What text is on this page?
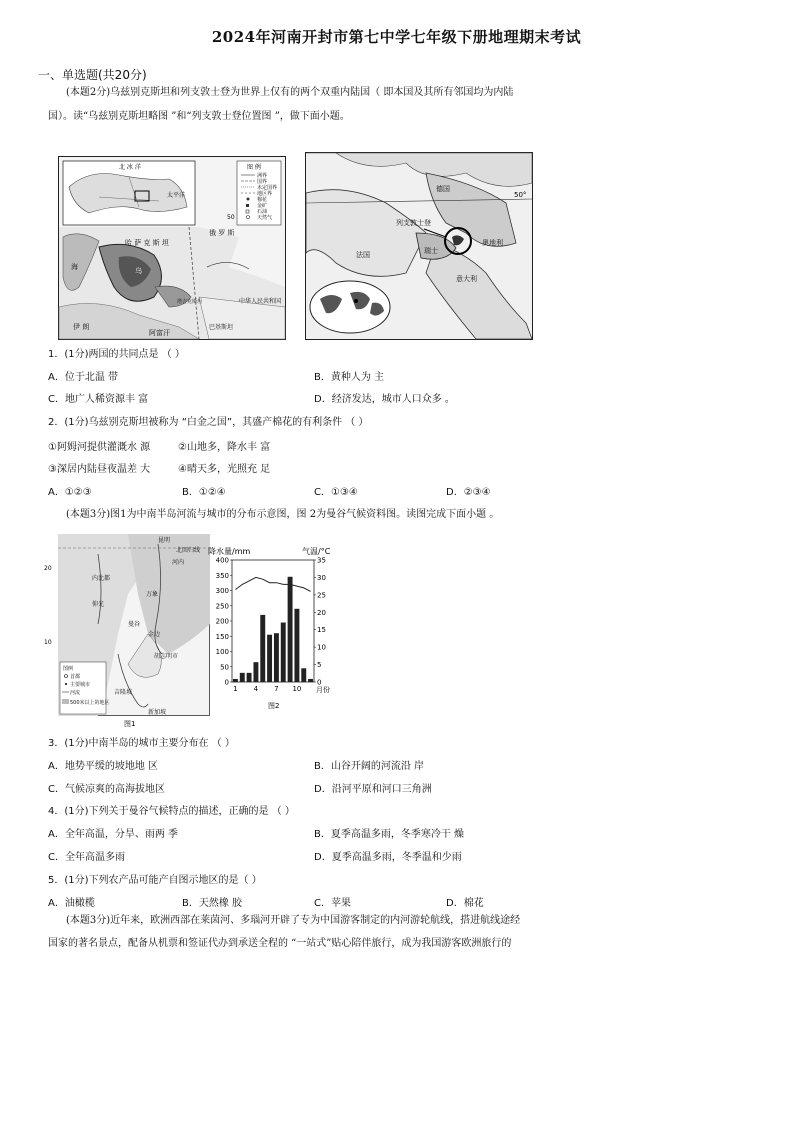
2024年河南开封市第七中学七年级下册地理期末考试
一、单选题(共20分)
(本题2分)乌兹别克斯坦和列支敦士登为世界上仅有的两个双重内陆国（ 即本国及其所有邻国均为内陆
国）。读“乌兹别克斯坦略图 ”和“列支敦士登位置图 ”，做下面小题。
北 冰 洋
太平洋
图 例
洲界
国界
未定国界
地区界
棉花
金矿
石油
天然气
50
俄 罗 斯
哈 萨 克 斯 坦
乌
海
伊 朗
阿富汗
塔吉克斯坦	中华人民共和国
巴基斯坦
50°
德国
列支敦士登
法国	瑞士
奥地利
意大利
1．(1分)两国的共同点是 （ ）
A．位于北温 带	B．黄种人为 主
C．地广人稀资源丰 富	D．经济发达，城市人口众多 。
2．(1分)乌兹别克斯坦被称为 “白金之国”，其盛产棉花的有利条件 （ ）
①阿姆河提供灌溉水 源	②山地多，降水丰 富
③深居内陆昼夜温差 大	④晴天多，光照充 足
A．①②③	B．①②④	C．①③④	D．②③④
(本题3分)图1为中南半岛河流与城市的分布示意图，图 2为曼谷气候资料图。读图完成下面小题 。
昆明
北回归线
河内
内比都
万象
仰光
曼谷
金边
胡志明市
吉隆坡
新加坡
20
10
图例
首都
主要城市
河流
500米以上的地区
图1
降水量/mm	气温/°C
月份
图2
400
350
300
250
200
150
100
50
0
35
30
25
20
15
10
5
0
1 4 7 10
3．(1分)中南半岛的城市主要分布在 （ ）
A．地势平缓的坡地地 区	B．山谷开阔的河流沿 岸
C．气候凉爽的高海拔地区	D．沿河平原和河口三角洲
4．(1分)下列关于曼谷气候特点的描述，正确的是 （ ）
A．全年高温，分旱、雨两 季	B．夏季高温多雨，冬季寒冷干 燥
C．全年高温多雨	D．夏季高温多雨，冬季温和少雨
5．(1分)下列农产品可能产自图示地区的是（ ）
A．油橄榄	B．天然橡 胶	C．苹果	D．棉花
(本题3分)近年来，欧洲西部在莱茵河、多瑙河开辟了专为中国游客制定的内河游轮航线，搭进航线途经
国家的著名景点，配备从机票和签证代办到承送全程的 “一站式”贴心陪伴旅行，成为我国游客欧洲旅行的
